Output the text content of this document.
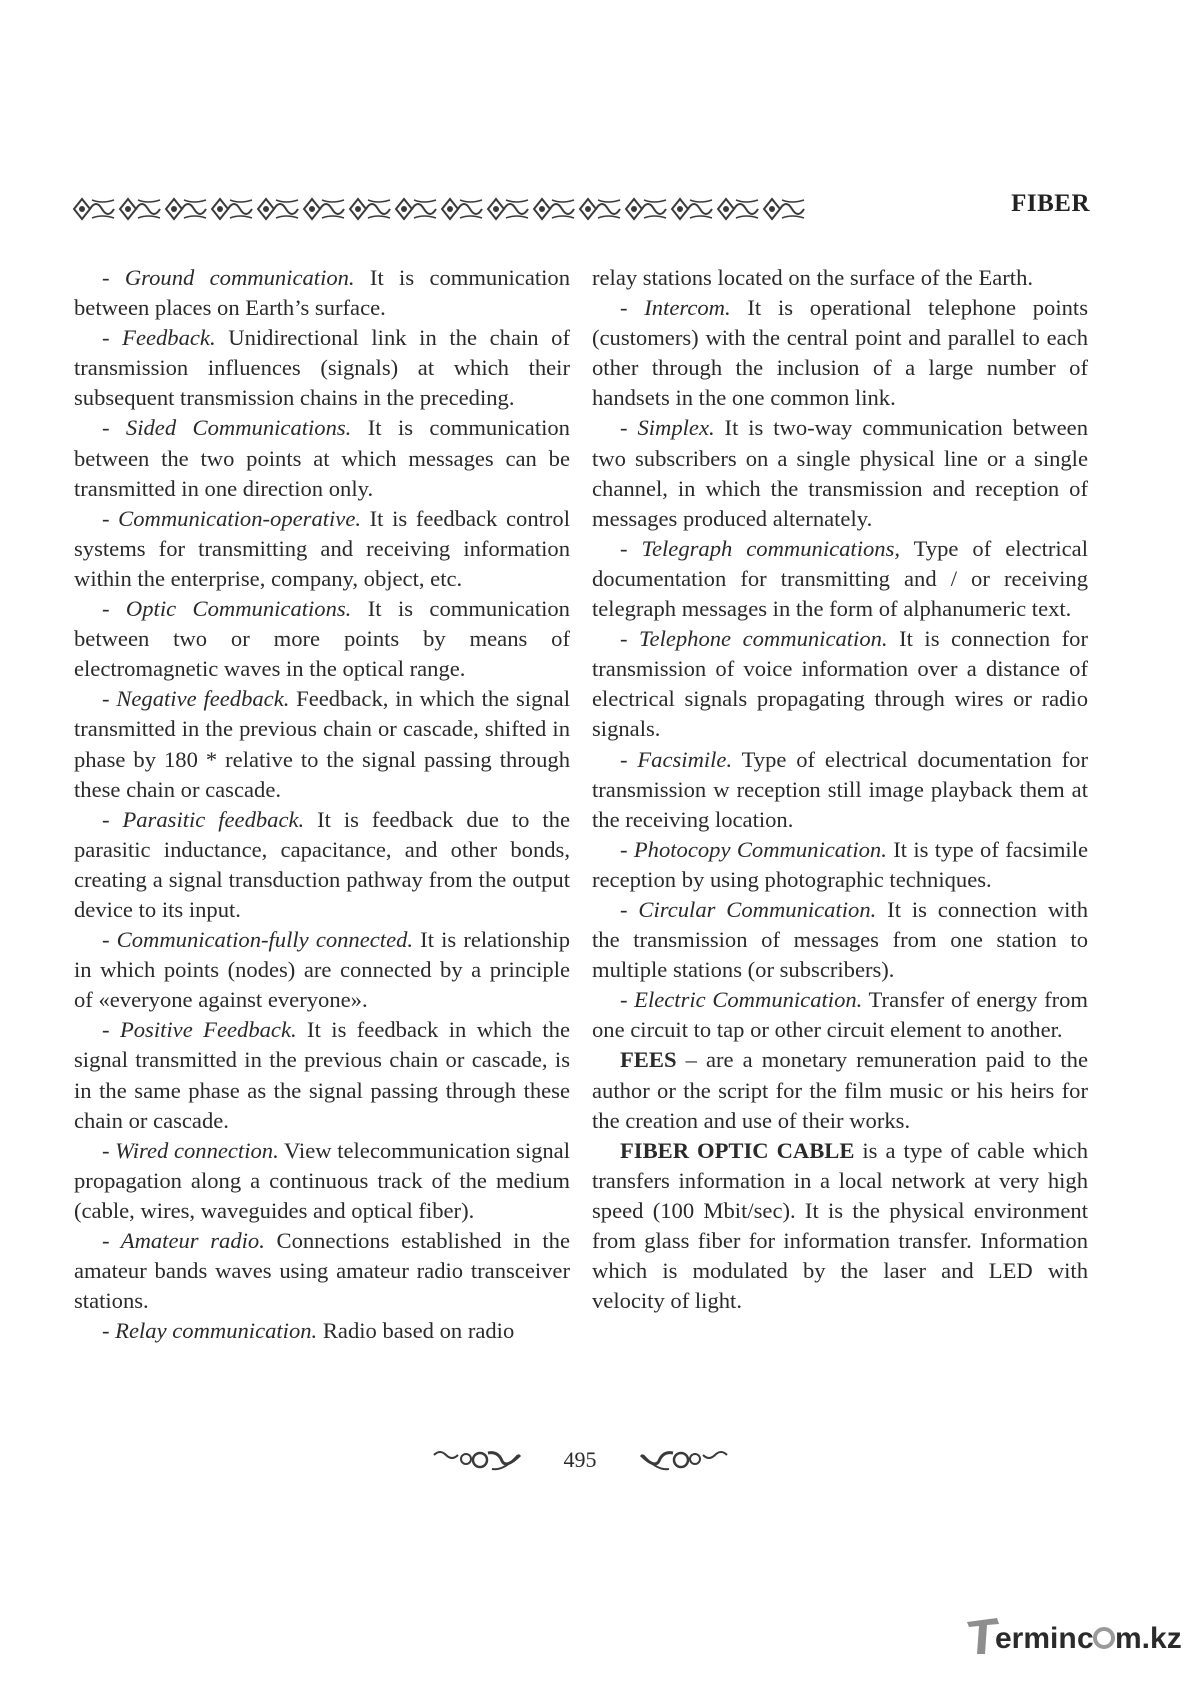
FIBER

- Ground communication. It is communication between places on Earth’s surface.

- Feedback. Unidirectional link in the chain of transmission influences (signals) at which their subsequent transmission chains in the preceding.

- Sided Communications. It is communication between the two points at which messages can be transmitted in one direction only.

- Communication-operative. It is feedback control systems for transmitting and receiving information within the enterprise, company, object, etc.

- Optic Communications. It is communication between two or more points by means of electromagnetic waves in the optical range.

- Negative feedback. Feedback, in which the signal transmitted in the previous chain or cascade, shifted in phase by 180 * relative to the signal passing through these chain or cascade.

- Parasitic feedback. It is feedback due to the parasitic inductance, capacitance, and other bonds, creating a signal transduction pathway from the output device to its input.

- Communication-fully connected. It is relationship in which points (nodes) are connected by a principle of «everyone against everyone».

- Positive Feedback. It is feedback in which the signal transmitted in the previous chain or cascade, is in the same phase as the signal passing through these chain or cascade.

- Wired connection. View telecommunication signal propagation along a continuous track of the medium (cable, wires, waveguides and optical fiber).

- Amateur radio. Connections established in the amateur bands waves using amateur radio transceiver stations.

- Relay communication. Radio based on radio

relay stations located on the surface of the Earth.

- Intercom. It is operational telephone points (customers) with the central point and parallel to each other through the inclusion of a large number of handsets in the one common link.

- Simplex. It is two-way communication between two subscribers on a single physical line or a single channel, in which the transmission and reception of messages produced alternately.

- Telegraph communications, Type of electrical documentation for transmitting and / or receiving telegraph messages in the form of alphanumeric text.

- Telephone communication. It is connection for transmission of voice information over a distance of electrical signals propagating through wires or radio signals.

- Facsimile. Type of electrical documentation for transmission w reception still image playback them at the receiving location.

- Photocopy Communication. It is type of facsimile reception by using photographic techniques.

- Circular Communication. It is connection with the transmission of messages from one station to multiple stations (or subscribers).

- Electric Communication. Transfer of energy from one circuit to tap or other circuit element to another.

FEES – are a monetary remuneration paid to the author or the script for the film music or his heirs for the creation and use of their works.

FIBER OPTIC CABLE is a type of cable which transfers information in a local network at very high speed (100 Mbit/sec). It is the physical environment from glass fiber for information transfer. Information which is modulated by the laser and LED with velocity of light.

495
ermin c m.kz
